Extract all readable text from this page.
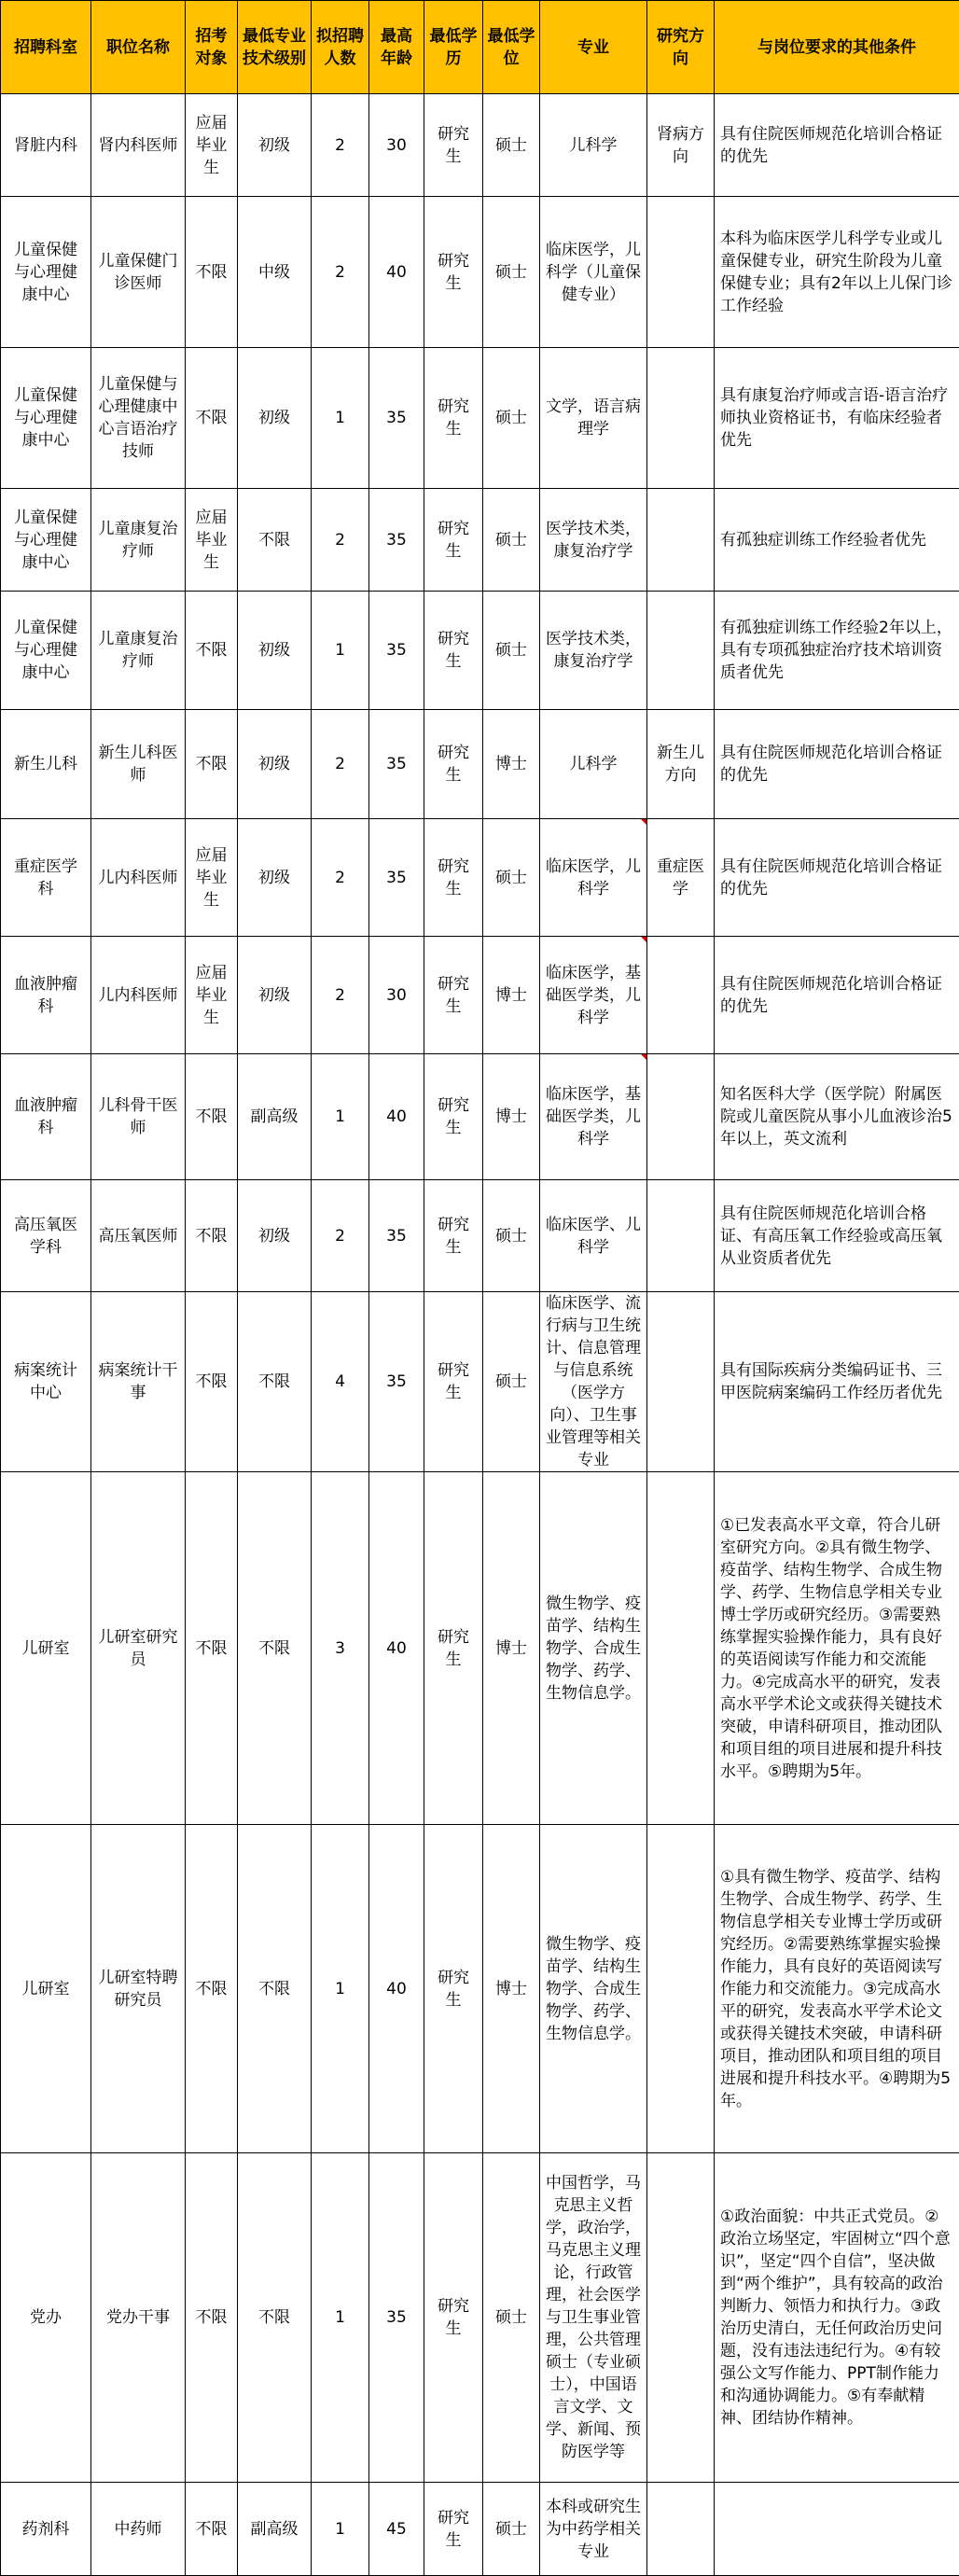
招聘科室	职位名称	招考对象	最低专业技术级别	拟招聘人数	最高年龄	最低学历	最低学位	专业	研究方向	与岗位要求的其他条件
肾脏内科	肾内科医师	应届毕业生	初级	2	30	研究生	硕士	儿科学	肾病方向	具有住院医师规范化培训合格证的优先
儿童保健与心理健康中心	儿童保健门诊医师	不限	中级	2	40	研究生	硕士	临床医学，儿科学（儿童保健专业）		本科为临床医学儿科学专业或儿童保健专业，研究生阶段为儿童保健专业；具有2年以上儿保门诊工作经验
儿童保健与心理健康中心	儿童保健与心理健康中心言语治疗技师	不限	初级	1	35	研究生	硕士	文学，语言病理学		具有康复治疗师或言语-语言治疗师执业资格证书，有临床经验者优先
儿童保健与心理健康中心	儿童康复治疗师	应届毕业生	不限	2	35	研究生	硕士	医学技术类，康复治疗学		有孤独症训练工作经验者优先
儿童保健与心理健康中心	儿童康复治疗师	不限	初级	1	35	研究生	硕士	医学技术类，康复治疗学		有孤独症训练工作经验2年以上，具有专项孤独症治疗技术培训资质者优先
新生儿科	新生儿科医师	不限	初级	2	35	研究生	博士	儿科学	新生儿方向	具有住院医师规范化培训合格证的优先
重症医学科	儿内科医师	应届毕业生	初级	2	35	研究生	硕士	临床医学，儿科学	重症医学	具有住院医师规范化培训合格证的优先
血液肿瘤科	儿内科医师	应届毕业生	初级	2	30	研究生	博士	临床医学，基础医学类，儿科学		具有住院医师规范化培训合格证的优先
血液肿瘤科	儿科骨干医师	不限	副高级	1	40	研究生	博士	临床医学，基础医学类，儿科学		知名医科大学（医学院）附属医院或儿童医院从事小儿血液诊治5年以上，英文流利
高压氧医学科	高压氧医师	不限	初级	2	35	研究生	硕士	临床医学、儿科学		具有住院医师规范化培训合格证、有高压氧工作经验或高压氧从业资质者优先
病案统计中心	病案统计干事	不限	不限	4	35	研究生	硕士	临床医学、流行病与卫生统计、信息管理与信息系统（医学方向）、卫生事业管理等相关专业		具有国际疾病分类编码证书、三甲医院病案编码工作经历者优先
儿研室	儿研室研究员	不限	不限	3	40	研究生	博士	微生物学、疫苗学、结构生物学、合成生物学、药学、生物信息学。		①已发表高水平文章，符合儿研室研究方向。②具有微生物学、疫苗学、结构生物学、合成生物学、药学、生物信息学相关专业博士学历或研究经历。③需要熟练掌握实验操作能力，具有良好的英语阅读写作能力和交流能力。④完成高水平的研究，发表高水平学术论文或获得关键技术突破，申请科研项目，推动团队和项目组的项目进展和提升科技水平。⑤聘期为5年。
儿研室	儿研室特聘研究员	不限	不限	1	40	研究生	博士	微生物学、疫苗学、结构生物学、合成生物学、药学、生物信息学。		①具有微生物学、疫苗学、结构生物学、合成生物学、药学、生物信息学相关专业博士学历或研究经历。②需要熟练掌握实验操作能力，具有良好的英语阅读写作能力和交流能力。③完成高水平的研究，发表高水平学术论文或获得关键技术突破，申请科研项目，推动团队和项目组的项目进展和提升科技水平。④聘期为5年。
党办	党办干事	不限	不限	1	35	研究生	硕士	中国哲学，马克思主义哲学，政治学，马克思主义理论，行政管理，社会医学与卫生事业管理，公共管理硕士（专业硕士），中国语言文学、文学、新闻、预防医学等		①政治面貌：中共正式党员。②政治立场坚定，牢固树立“四个意识”，坚定“四个自信”，坚决做到“两个维护”，具有较高的政治判断力、领悟力和执行力。③政治历史清白，无任何政治历史问题，没有违法违纪行为。④有较强公文写作能力、PPT制作能力和沟通协调能力。⑤有奉献精神、团结协作精神。
药剂科	中药师	不限	副高级	1	45	研究生	硕士	本科或研究生为中药学相关专业		
